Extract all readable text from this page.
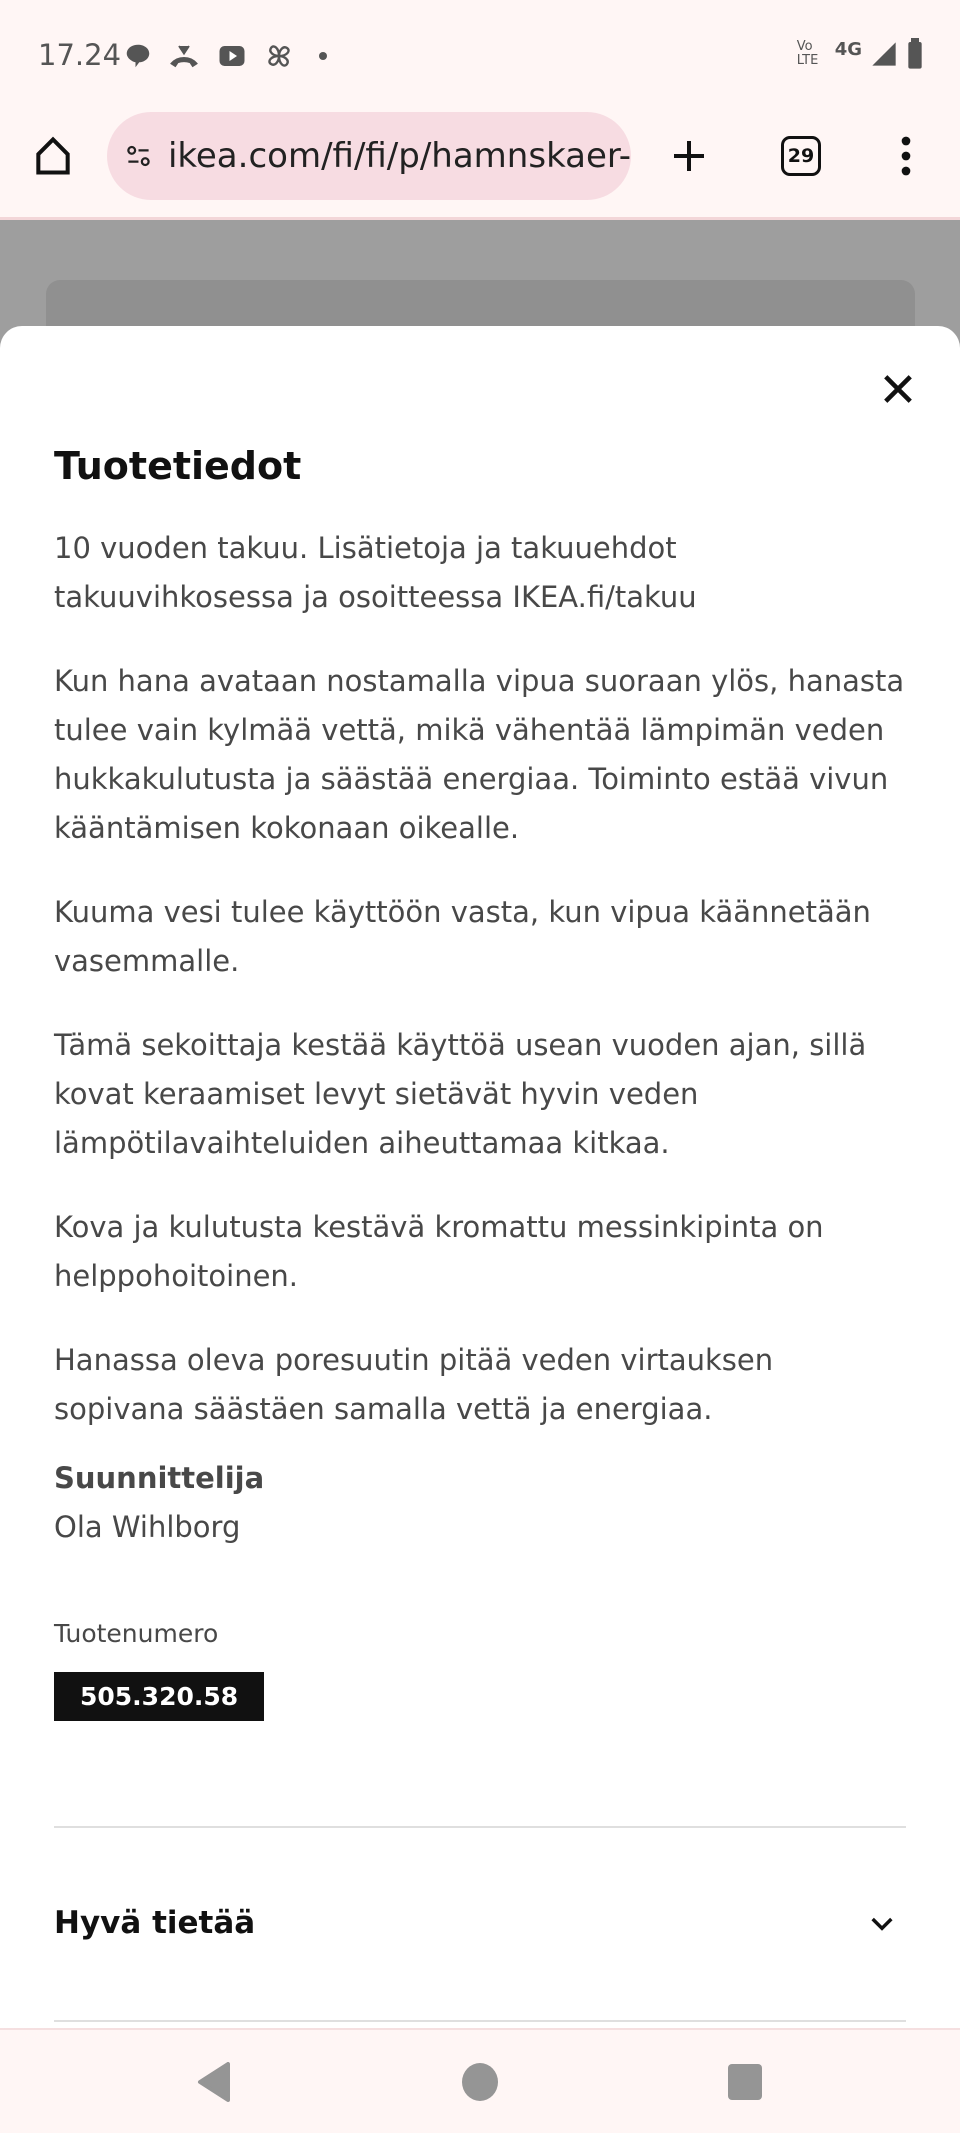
17.24	Vo LTE
4G
ikea.com/fi/fi/p/hamnskaer-	29
Tuotetiedot

10 vuoden takuu. Lisätietoja ja takuuehdot takuuvihkosessa ja osoitteessa IKEA.fi/takuu

Kun hana avataan nostamalla vipua suoraan ylös, hanasta tulee vain kylmää vettä, mikä vähentää lämpimän veden hukkakulutusta ja säästää energiaa. Toiminto estää vivun kääntämisen kokonaan oikealle.

Kuuma vesi tulee käyttöön vasta, kun vipua käännetään vasemmalle.

Tämä sekoittaja kestää käyttöä usean vuoden ajan, sillä kovat keraamiset levyt sietävät hyvin veden lämpötilavaihteluiden aiheuttamaa kitkaa.

Kova ja kulutusta kestävä kromattu messinkipinta on helppohoitoinen.

Hanassa oleva poresuutin pitää veden virtauksen sopivana säästäen samalla vettä ja energiaa.

Suunnittelija
Ola Wihlborg
Tuotenumero
505.320.58
Hyvä tietää
